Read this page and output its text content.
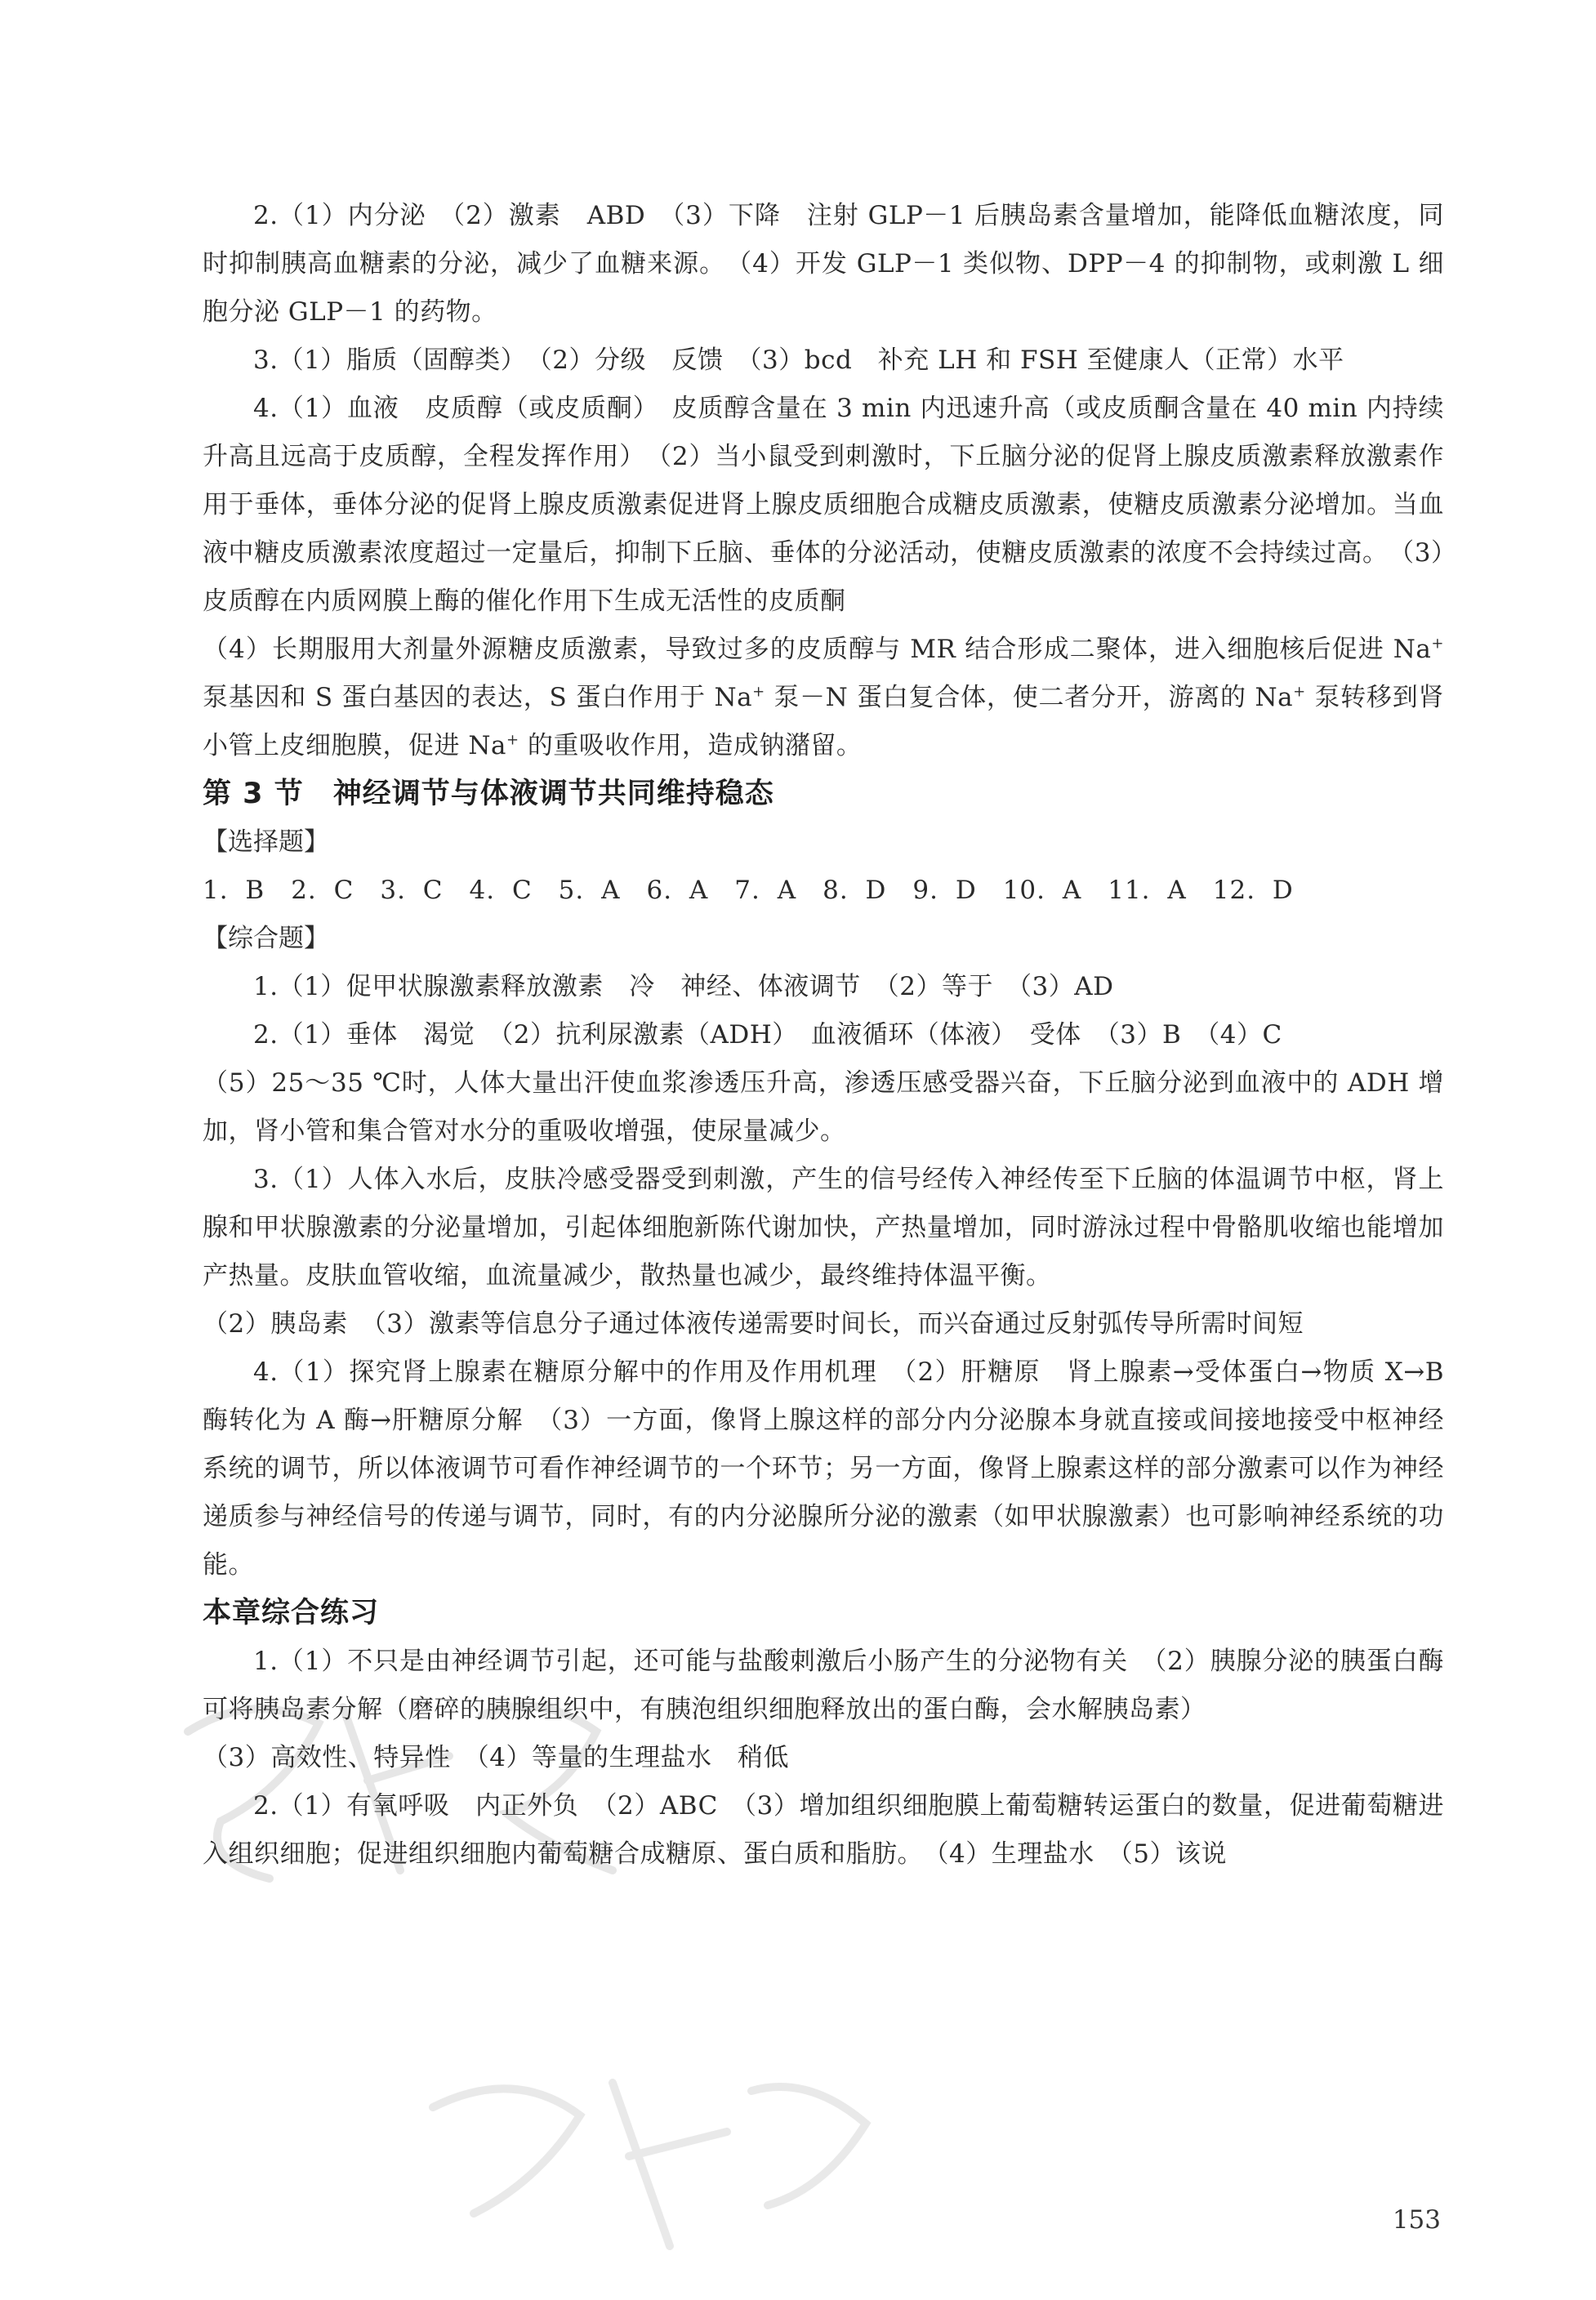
2.（1）内分泌　（2）激素　ABD　（3）下降　注射 GLP－1 后胰岛素含量增加，能降低血糖浓度，同时抑制胰高血糖素的分泌，减少了血糖来源。　（4）开发 GLP－1 类似物、DPP－4 的抑制物，或刺激 L 细胞分泌 GLP－1 的药物。

3.（1）脂质（固醇类）　（2）分级　反馈　（3）bcd　补充 LH 和 FSH 至健康人（正常）水平

4.（1）血液　皮质醇（或皮质酮）　皮质醇含量在 3 min 内迅速升高（或皮质酮含量在 40 min 内持续升高且远高于皮质醇，全程发挥作用）　（2）当小鼠受到刺激时，下丘脑分泌的促肾上腺皮质激素释放激素作用于垂体，垂体分泌的促肾上腺皮质激素促进肾上腺皮质细胞合成糖皮质激素，使糖皮质激素分泌增加。当血液中糖皮质激素浓度超过一定量后，抑制下丘脑、垂体的分泌活动，使糖皮质激素的浓度不会持续过高。　（3）皮质醇在内质网膜上酶的催化作用下生成无活性的皮质酮

（4）长期服用大剂量外源糖皮质激素，导致过多的皮质醇与 MR 结合形成二聚体，进入细胞核后促进 Na+ 泵基因和 S 蛋白基因的表达，S 蛋白作用于 Na+ 泵－N 蛋白复合体，使二者分开，游离的 Na+ 泵转移到肾小管上皮细胞膜，促进 Na+ 的重吸收作用，造成钠潴留。

第 3 节　神经调节与体液调节共同维持稳态

【选择题】

1. B　2. C　3. C　4. C　5. A　6. A　7. A　8. D　9. D　10. A　11. A　12. D

【综合题】

1.（1）促甲状腺激素释放激素　冷　神经、体液调节　（2）等于　（3）AD

2.（1）垂体　渴觉　（2）抗利尿激素（ADH）　血液循环（体液）　受体　（3）B　（4）C

（5）25～35 ℃时，人体大量出汗使血浆渗透压升高，渗透压感受器兴奋，下丘脑分泌到血液中的 ADH 增加，肾小管和集合管对水分的重吸收增强，使尿量减少。

3.（1）人体入水后，皮肤冷感受器受到刺激，产生的信号经传入神经传至下丘脑的体温调节中枢，肾上腺和甲状腺激素的分泌量增加，引起体细胞新陈代谢加快，产热量增加，同时游泳过程中骨骼肌收缩也能增加产热量。皮肤血管收缩，血流量减少，散热量也减少，最终维持体温平衡。

（2）胰岛素　（3）激素等信息分子通过体液传递需要时间长，而兴奋通过反射弧传导所需时间短

4.（1）探究肾上腺素在糖原分解中的作用及作用机理　（2）肝糖原　肾上腺素→受体蛋白→物质 X→B 酶转化为 A 酶→肝糖原分解　（3）一方面，像肾上腺这样的部分内分泌腺本身就直接或间接地接受中枢神经系统的调节，所以体液调节可看作神经调节的一个环节；另一方面，像肾上腺素这样的部分激素可以作为神经递质参与神经信号的传递与调节，同时，有的内分泌腺所分泌的激素（如甲状腺激素）也可影响神经系统的功能。

本章综合练习

1.（1）不只是由神经调节引起，还可能与盐酸刺激后小肠产生的分泌物有关　（2）胰腺分泌的胰蛋白酶可将胰岛素分解（磨碎的胰腺组织中，有胰泡组织细胞释放出的蛋白酶，会水解胰岛素）

（3）高效性、特异性　（4）等量的生理盐水　稍低

2.（1）有氧呼吸　内正外负　（2）ABC　（3）增加组织细胞膜上葡萄糖转运蛋白的数量，促进葡萄糖进入组织细胞；促进组织细胞内葡萄糖合成糖原、蛋白质和脂肪。　（4）生理盐水　（5）该说

153
